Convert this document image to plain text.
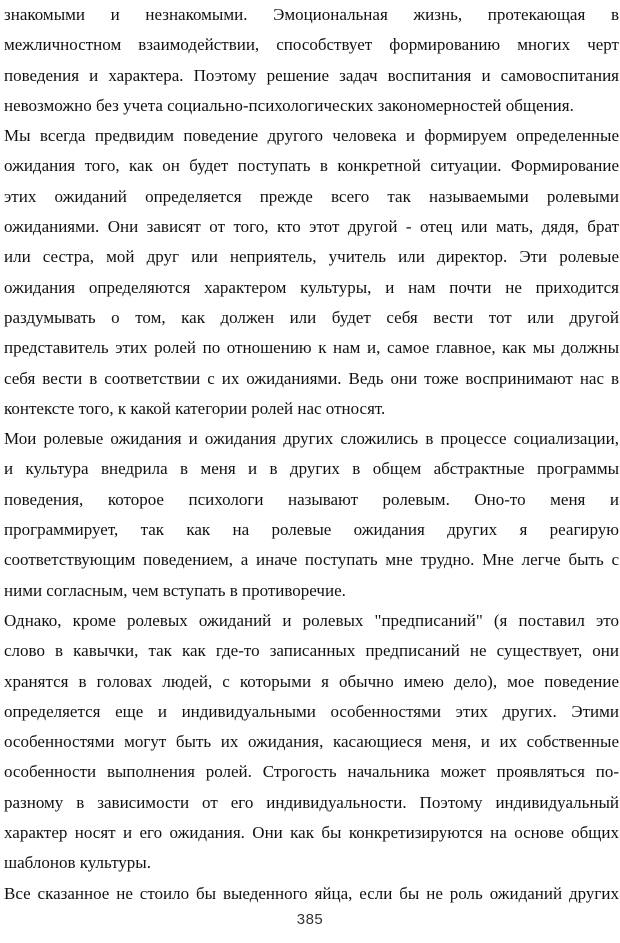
знакомыми и незнакомыми. Эмоциональная жизнь, протекающая в
межличностном взаимодействии, способствует формированию многих черт
поведения и характера. Поэтому решение задач воспитания и самовоспитания
невозможно без учета социально-психологических закономерностей общения.
Мы всегда предвидим поведение другого человека и формируем определенные
ожидания того, как он будет поступать в конкретной ситуации. Формирование
этих ожиданий определяется прежде всего так называемыми ролевыми
ожиданиями. Они зависят от того, кто этот другой - отец или мать, дядя, брат
или сестра, мой друг или неприятель, учитель или директор. Эти ролевые
ожидания определяются характером культуры, и нам почти не приходится
раздумывать о том, как должен или будет себя вести тот или другой
представитель этих ролей по отношению к нам и, самое главное, как мы должны
себя вести в соответствии с их ожиданиями. Ведь они тоже воспринимают нас в
контексте того, к какой категории ролей нас относят.
Мои ролевые ожидания и ожидания других сложились в процессе социализации,
и культура внедрила в меня и в других в общем абстрактные программы
поведения, которое психологи называют ролевым. Оно-то меня и
программирует, так как на ролевые ожидания других я реагирую
соответствующим поведением, а иначе поступать мне трудно. Мне легче быть с
ними согласным, чем вступать в противоречие.
Однако, кроме ролевых ожиданий и ролевых "предписаний" (я поставил это
слово в кавычки, так как где-то записанных предписаний не существует, они
хранятся в головах людей, с которыми я обычно имею дело), мое поведение
определяется еще и индивидуальными особенностями этих других. Этими
особенностями могут быть их ожидания, касающиеся меня, и их собственные
особенности выполнения ролей. Строгость начальника может проявляться по-
разному в зависимости от его индивидуальности. Поэтому индивидуальный
характер носят и его ожидания. Они как бы конкретизируются на основе общих
шаблонов культуры.
Все сказанное не стоило бы выеденного яйца, если бы не роль ожиданий других
385
